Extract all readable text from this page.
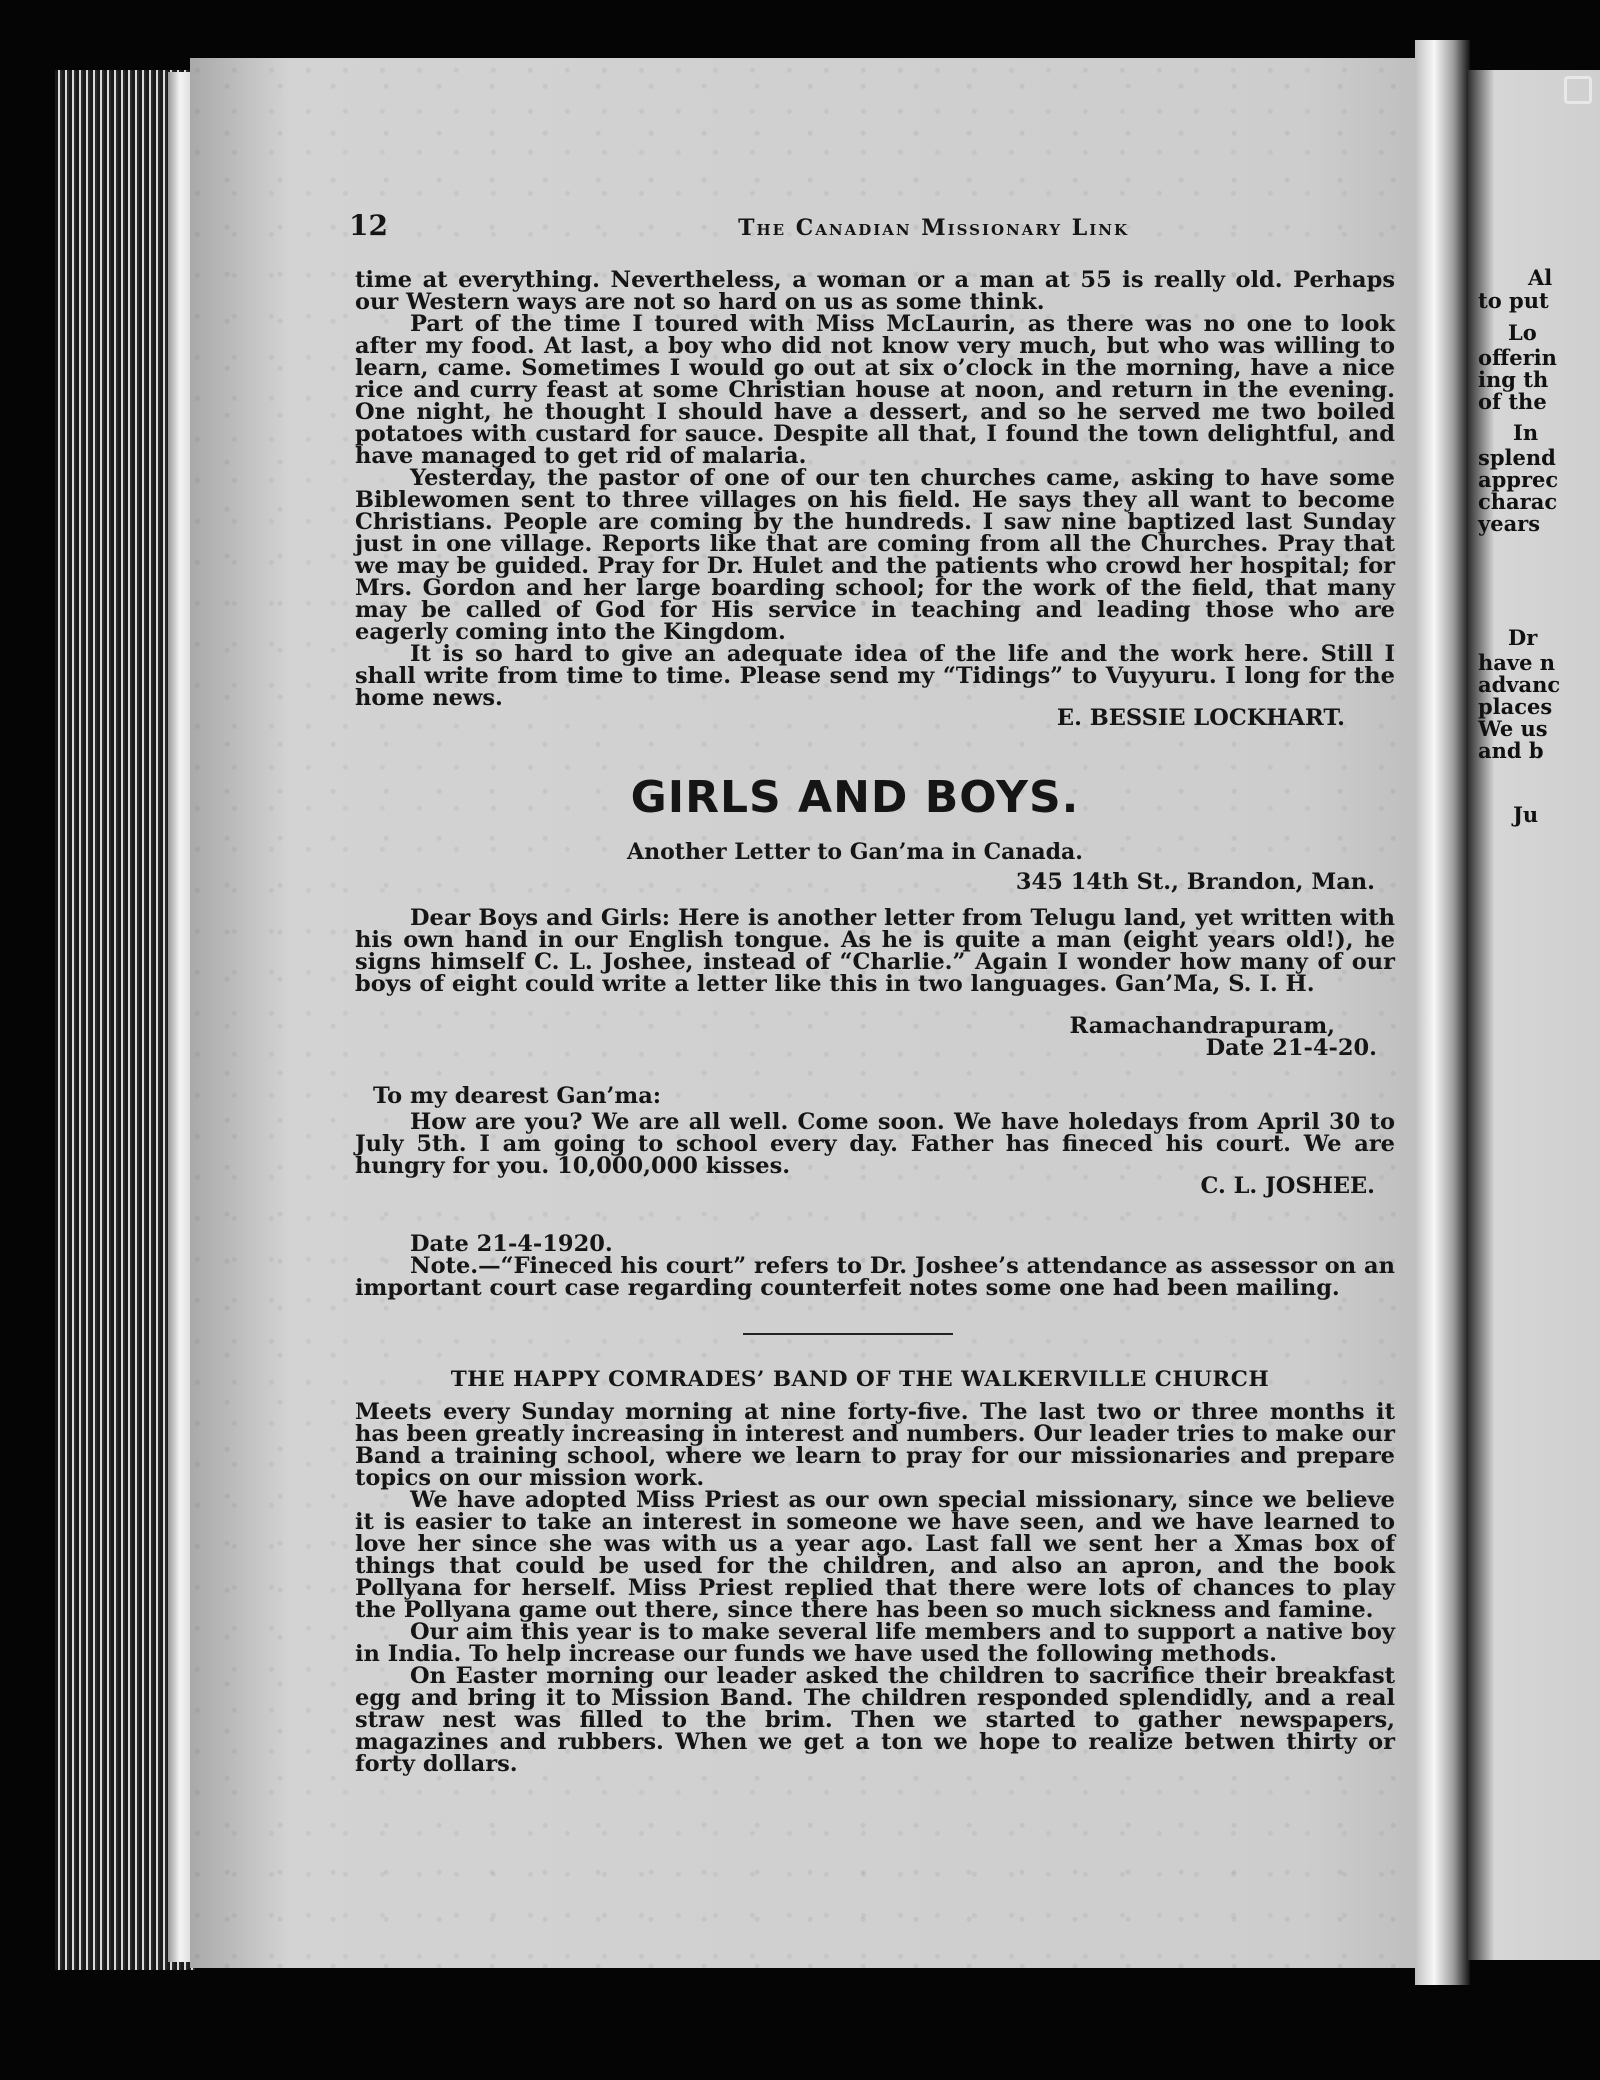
Al
to put
Lo
offerin
ing th
of the
In
splend
apprec
charac
years
Dr
have n
advanc
places
We us
and b
Ju
12	The Canadian Missionary Link

time at everything. Nevertheless, a woman or a man at 55 is really old. Perhaps our Western ways are not so hard on us as some think.

Part of the time I toured with Miss McLaurin, as there was no one to look after my food. At last, a boy who did not know very much, but who was willing to learn, came. Sometimes I would go out at six o’clock in the morning, have a nice rice and curry feast at some Christian house at noon, and return in the evening. One night, he thought I should have a dessert, and so he served me two boiled potatoes with custard for sauce. Despite all that, I found the town delightful, and have managed to get rid of malaria.

Yesterday, the pastor of one of our ten churches came, asking to have some Biblewomen sent to three villages on his field. He says they all want to become Christians. People are coming by the hundreds. I saw nine baptized last Sunday just in one village. Reports like that are coming from all the Churches. Pray that we may be guided. Pray for Dr. Hulet and the patients who crowd her hospital; for Mrs. Gordon and her large boarding school; for the work of the field, that many may be called of God for His service in teaching and leading those who are eagerly coming into the Kingdom.

It is so hard to give an adequate idea of the life and the work here. Still I shall write from time to time. Please send my “Tidings” to Vuyyuru. I long for the home news.

E. BESSIE LOCKHART.
GIRLS AND BOYS.
Another Letter to Gan’ma in Canada.
345 14th St., Brandon, Man.

Dear Boys and Girls: Here is another letter from Telugu land, yet written with his own hand in our English tongue. As he is quite a man (eight years old!), he signs himself C. L. Joshee, instead of “Charlie.” Again I wonder how many of our boys of eight could write a letter like this in two languages. Gan’Ma, S. I. H.

Ramachandrapuram,
Date 21-4-20.
To my dearest Gan’ma:

How are you? We are all well. Come soon. We have holedays from April 30 to July 5th. I am going to school every day. Father has fineced his court. We are hungry for you. 10,000,000 kisses.

C. L. JOSHEE.
Date 21-4-1920.

Note.—“Fineced his court” refers to Dr. Joshee’s attendance as assessor on an important court case regarding counterfeit notes some one had been mailing.

THE HAPPY COMRADES’ BAND OF THE WALKERVILLE CHURCH

Meets every Sunday morning at nine forty-five. The last two or three months it has been greatly increasing in interest and numbers. Our leader tries to make our Band a training school, where we learn to pray for our missionaries and prepare topics on our mission work.

We have adopted Miss Priest as our own special missionary, since we believe it is easier to take an interest in someone we have seen, and we have learned to love her since she was with us a year ago. Last fall we sent her a Xmas box of things that could be used for the children, and also an apron, and the book Pollyana for herself. Miss Priest replied that there were lots of chances to play the Pollyana game out there, since there has been so much sickness and famine.

Our aim this year is to make several life members and to support a native boy in India. To help increase our funds we have used the following methods.

On Easter morning our leader asked the children to sacrifice their breakfast egg and bring it to Mission Band. The children responded splendidly, and a real straw nest was filled to the brim. Then we started to gather newspapers, magazines and rubbers. When we get a ton we hope to realize betwen thirty or forty dollars.
